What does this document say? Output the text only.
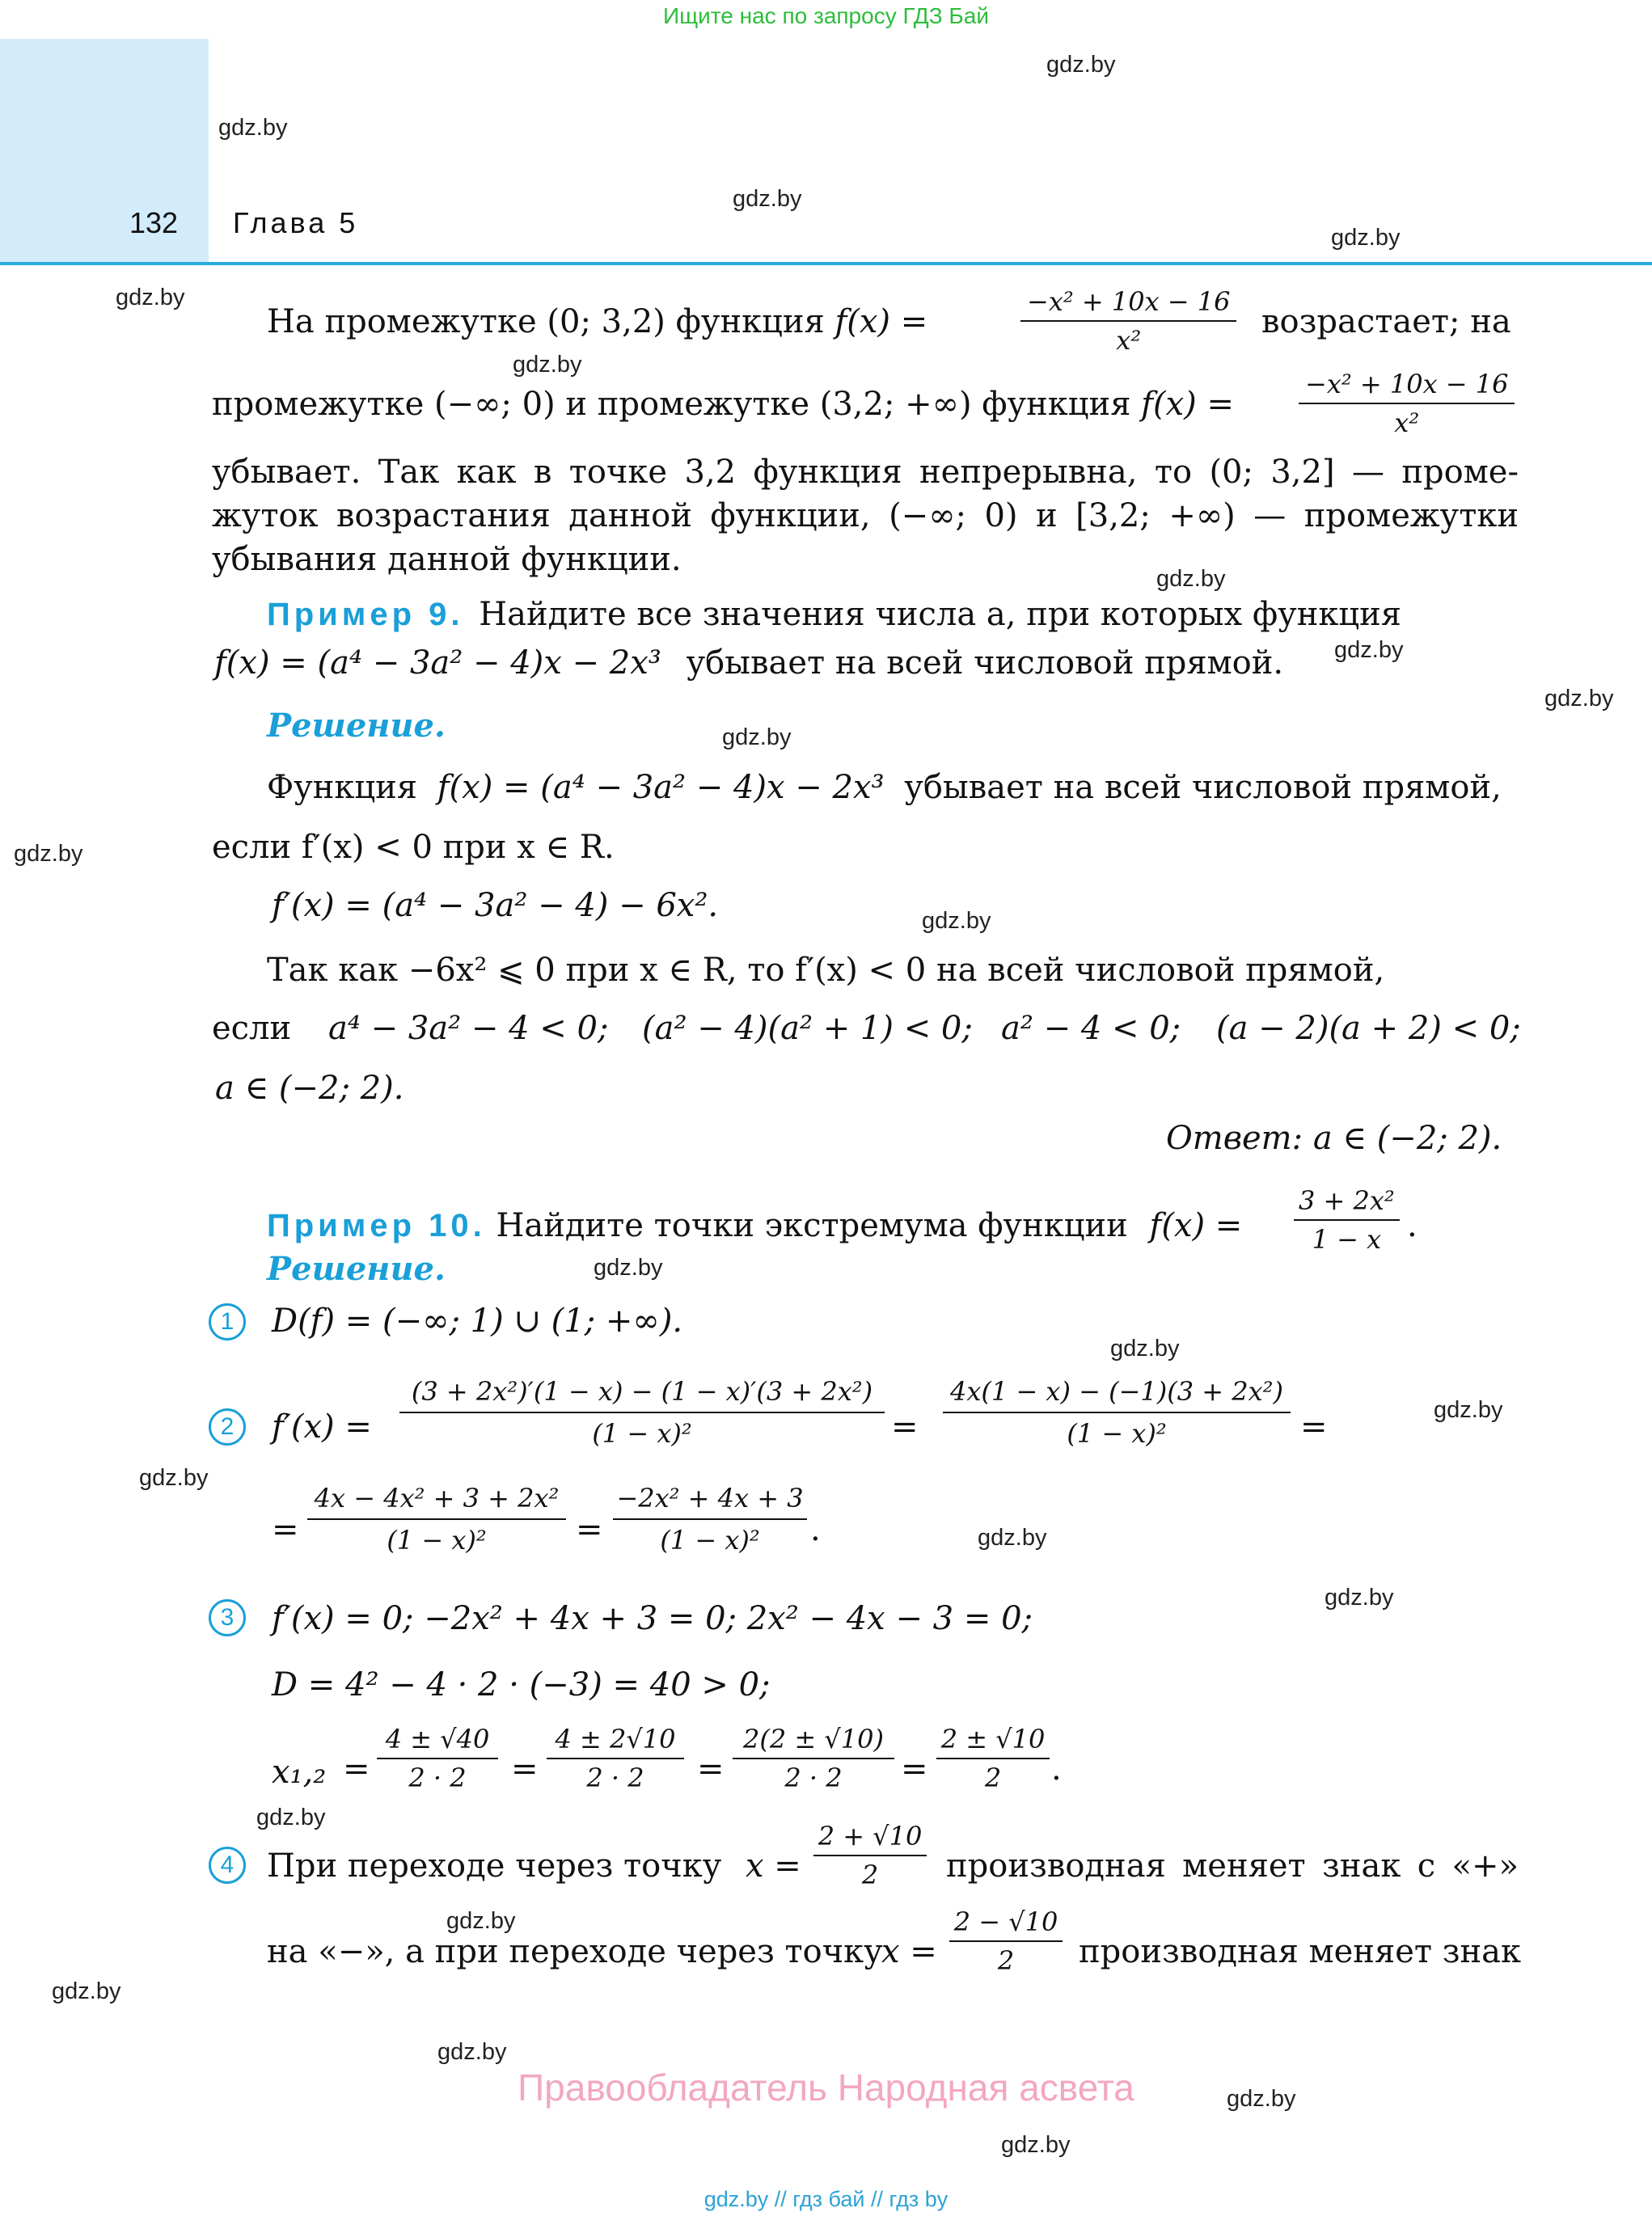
Ищите нас по запросу ГДЗ Бай
132 Глава 5
gdz.by
gdz.by
gdz.by
gdz.by
gdz.by
gdz.by
gdz.by
gdz.by
gdz.by
gdz.by
gdz.by
gdz.by
gdz.by
gdz.by
gdz.by
gdz.by
gdz.by
gdz.by
gdz.by
gdz.by
gdz.by
gdz.by
gdz.by
gdz.by
На промежутке (0; 3,2) функция f(x) =	$\frac{\text{−x² + 10x − 16}}{\text{x²}}$ возрастает; на
промежутке (−∞; 0) и промежутке (3,2; +∞) функция f(x) =	$\frac{\text{−x² + 10x − 16}}{\text{x²}}$
убывает. Так как в точке 3,2 функция непрерывна, то (0; 3,2] — проме-
жуток возрастания данной функции, (−∞; 0) и [3,2; +∞) — промежутки
убывания данной функции.
Пример 9. Найдите все значения числа a, при которых функция
f(x) = (a⁴ − 3a² − 4)x − 2x³ убывает на всей числовой прямой.
Решение.
Функция f(x) = (a⁴ − 3a² − 4)x − 2x³ убывает на всей числовой прямой,
если f′(x) < 0 при x ∈ R.
f′(x) = (a⁴ − 3a² − 4) − 6x².
Так как −6x² ⩽ 0 при x ∈ R, то f′(x) < 0 на всей числовой прямой,
если a⁴ − 3a² − 4 < 0; (a² − 4)(a² + 1) < 0; a² − 4 < 0; (a − 2)(a + 2) < 0;
a ∈ (−2; 2).
Ответ: a ∈ (−2; 2).
Пример 10. Найдите точки экстремума функции $f(x) = \frac{\text{3 + 2x²}}{1 - x}$ .
Решение.
1
2
3
4
D(f) = (−∞; 1) ∪ (1; +∞).
$f'(x) = \frac{\text{(3 + 2x²)′(1 − x) − (1 − x)′(3 + 2x²)}}{\text{(1 − x)²}} = \frac{\text{4x(1 − x) − (−1)(3 + 2x²)}}{\text{(1 − x)²}}$ =
= $\frac{\text{4x − 4x² + 3 + 2x²}}{\text{(1 − x)²}} = \frac{\text{−2x² + 4x + 3}}{\text{(1 − x)²}}$ .
f′(x) = 0; −2x² + 4x + 3 = 0; 2x² − 4x − 3 = 0;
D = 4² − 4 · 2 · (−3) = 40 > 0;
$x_1,_2 = \frac{4 \pm √40}{2 \cdot 2} = \frac{4 \pm 2√10}{2 \cdot 2} = \frac{2(2 \pm √10)}{2 \cdot 2} = \frac{2 \pm √10}{2}$ .
При переходе через точку $x = \frac{2 + √10}{2}$ производная меняет знак с «+»
на «−», а при переходе через точку
$x = \frac{2 - √10}{2}$ производная меняет знак
Правообладатель Народная асвета
gdz.by // гдз бай // гдз by
